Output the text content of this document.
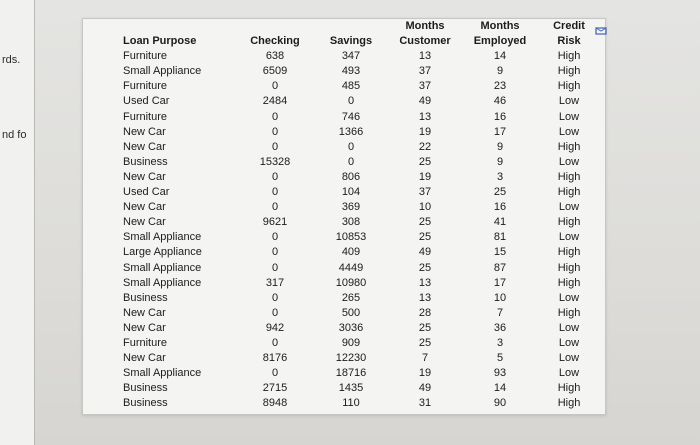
rds.
nd fo

Loan Purpose
Furniture
Small Appliance
Furniture
Used Car
Furniture
New Car
New Car
Business
New Car
Used Car
New Car
New Car
Small Appliance
Large Appliance
Small Appliance
Small Appliance
Business
New Car
New Car
Furniture
New Car
Small Appliance
Business
Business

Checking
638
6509
0
2484
0
0
0
15328
0
0
0
9621
0
0
0
317
0
0
942
0
8176
0
2715
8948

Savings
347
493
485
0
746
1366
0
0
806
104
369
308
10853
409
4449
10980
265
500
3036
909
12230
18716
1435
110
Months
Customer
13
37
37
49
13
19
22
25
19
37
10
25
25
49
25
13
13
28
25
25
7
19
49
31
Months
Employed
14
9
23
46
16
17
9
9
3
25
16
41
81
15
87
17
10
7
36
3
5
93
14
90
Credit
Risk
High
High
High
Low
Low
Low
High
Low
High
High
Low
High
Low
High
High
High
Low
High
Low
Low
Low
Low
High
High
